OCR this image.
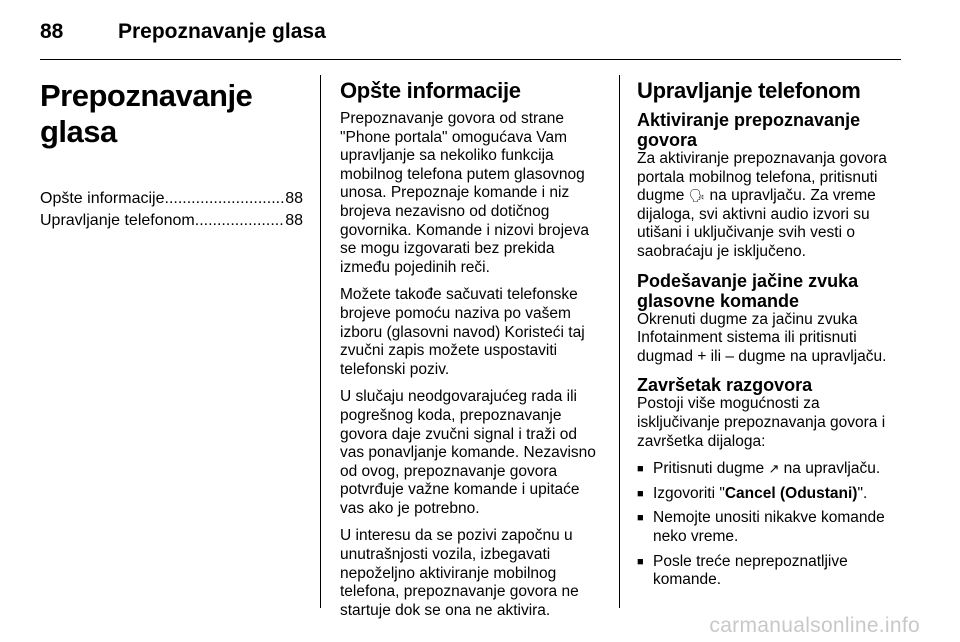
88	Prepoznavanje glasa
Prepoznavanje glasa
Opšte informacije .....	88
Upravljanje telefonom .....	88
Opšte informacije

Prepoznavanje govora od strane "Phone portala" omogućava Vam upravljanje sa nekoliko funkcija mobilnog telefona putem glasovnog unosa. Prepoznaje komande i niz brojeva nezavisno od dotičnog govornika. Komande i nizovi brojeva se mogu izgovarati bez prekida između pojedinih reči.

Možete takođe sačuvati telefonske brojeve pomoću naziva po vašem izboru (glasovni navod) Koristeći taj zvučni zapis možete uspostaviti telefonski poziv.

U slučaju neodgovarajućeg rada ili pogrešnog koda, prepoznavanje govora daje zvučni signal i traži od vas ponavljanje komande. Nezavisno od ovog, prepoznavanje govora potvrđuje važne komande i upitaće vas ako je potrebno.

U interesu da se pozivi započnu u unutrašnjosti vozila, izbegavati nepoželjno aktiviranje mobilnog telefona, prepoznavanje govora ne startuje dok se ona ne aktivira.

Upravljanje telefonom
Aktiviranje prepoznavanje govora

Za aktiviranje prepoznavanja govora portala mobilnog telefona, pritisnuti dugme 🗣︎ na upravljaču. Za vreme dijaloga, svi aktivni audio izvori su utišani i uključivanje svih vesti o saobraćaju je isključeno.

Podešavanje jačine zvuka glasovne komande

Okrenuti dugme za jačinu zvuka Infotainment sistema ili pritisnuti dugmad + ili – dugme na upravljaču.

Završetak razgovora

Postoji više mogućnosti za isključivanje prepoznavanja govora i završetka dijaloga:

■ Pritisnuti dugme ↗︎ na upravljaču.
■ Izgovoriti "Cancel (Odustani)".
■ Nemojte unositi nikakve komande neko vreme.
■ Posle treće neprepoznatljive komande.
carmanualsonline.info
